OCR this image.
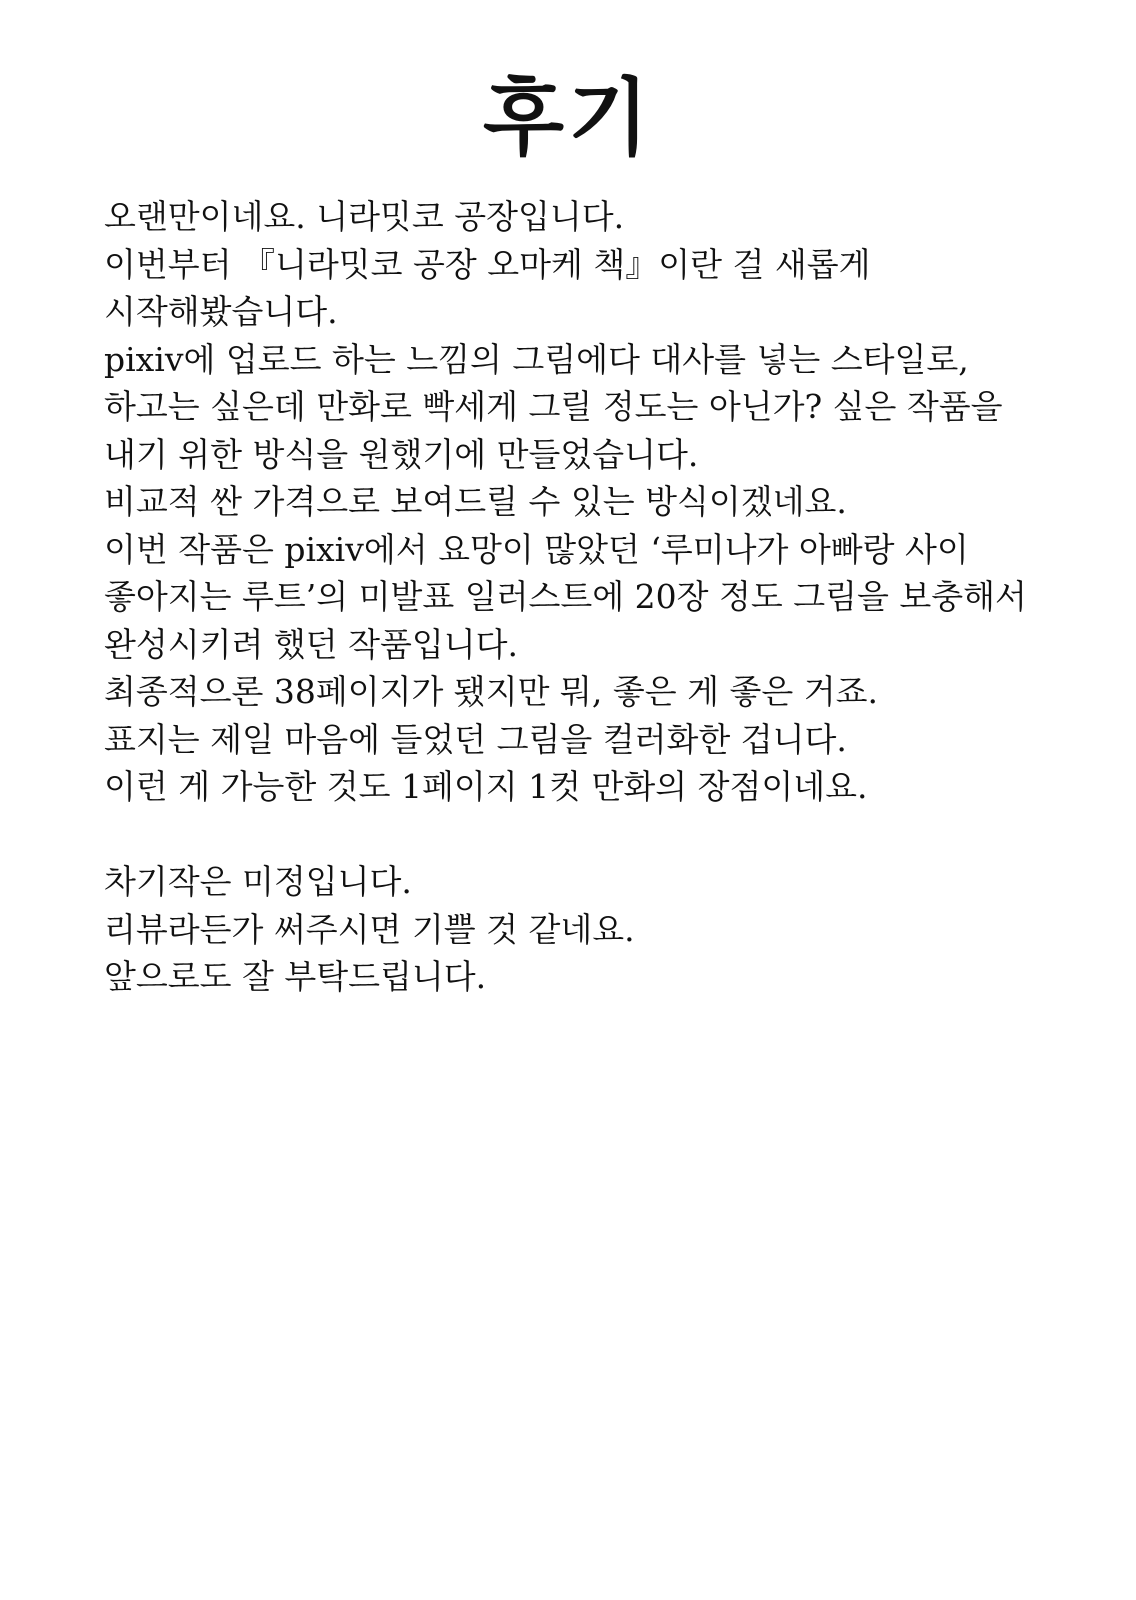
후기
오랜만이네요. 니라밋코 공장입니다.
이번부터 『니라밋코 공장 오마케 책』이란 걸 새롭게
시작해봤습니다.
pixiv에 업로드 하는 느낌의 그림에다 대사를 넣는 스타일로,
하고는 싶은데 만화로 빡세게 그릴 정도는 아닌가? 싶은 작품을
내기 위한 방식을 원했기에 만들었습니다.
비교적 싼 가격으로 보여드릴 수 있는 방식이겠네요.
이번 작품은 pixiv에서 요망이 많았던 ‘루미나가 아빠랑 사이
좋아지는 루트’의 미발표 일러스트에 20장 정도 그림을 보충해서
완성시키려 했던 작품입니다.
최종적으론 38페이지가 됐지만 뭐, 좋은 게 좋은 거죠.
표지는 제일 마음에 들었던 그림을 컬러화한 겁니다.
이런 게 가능한 것도 1페이지 1컷 만화의 장점이네요.
차기작은 미정입니다.
리뷰라든가 써주시면 기쁠 것 같네요.
앞으로도 잘 부탁드립니다.
